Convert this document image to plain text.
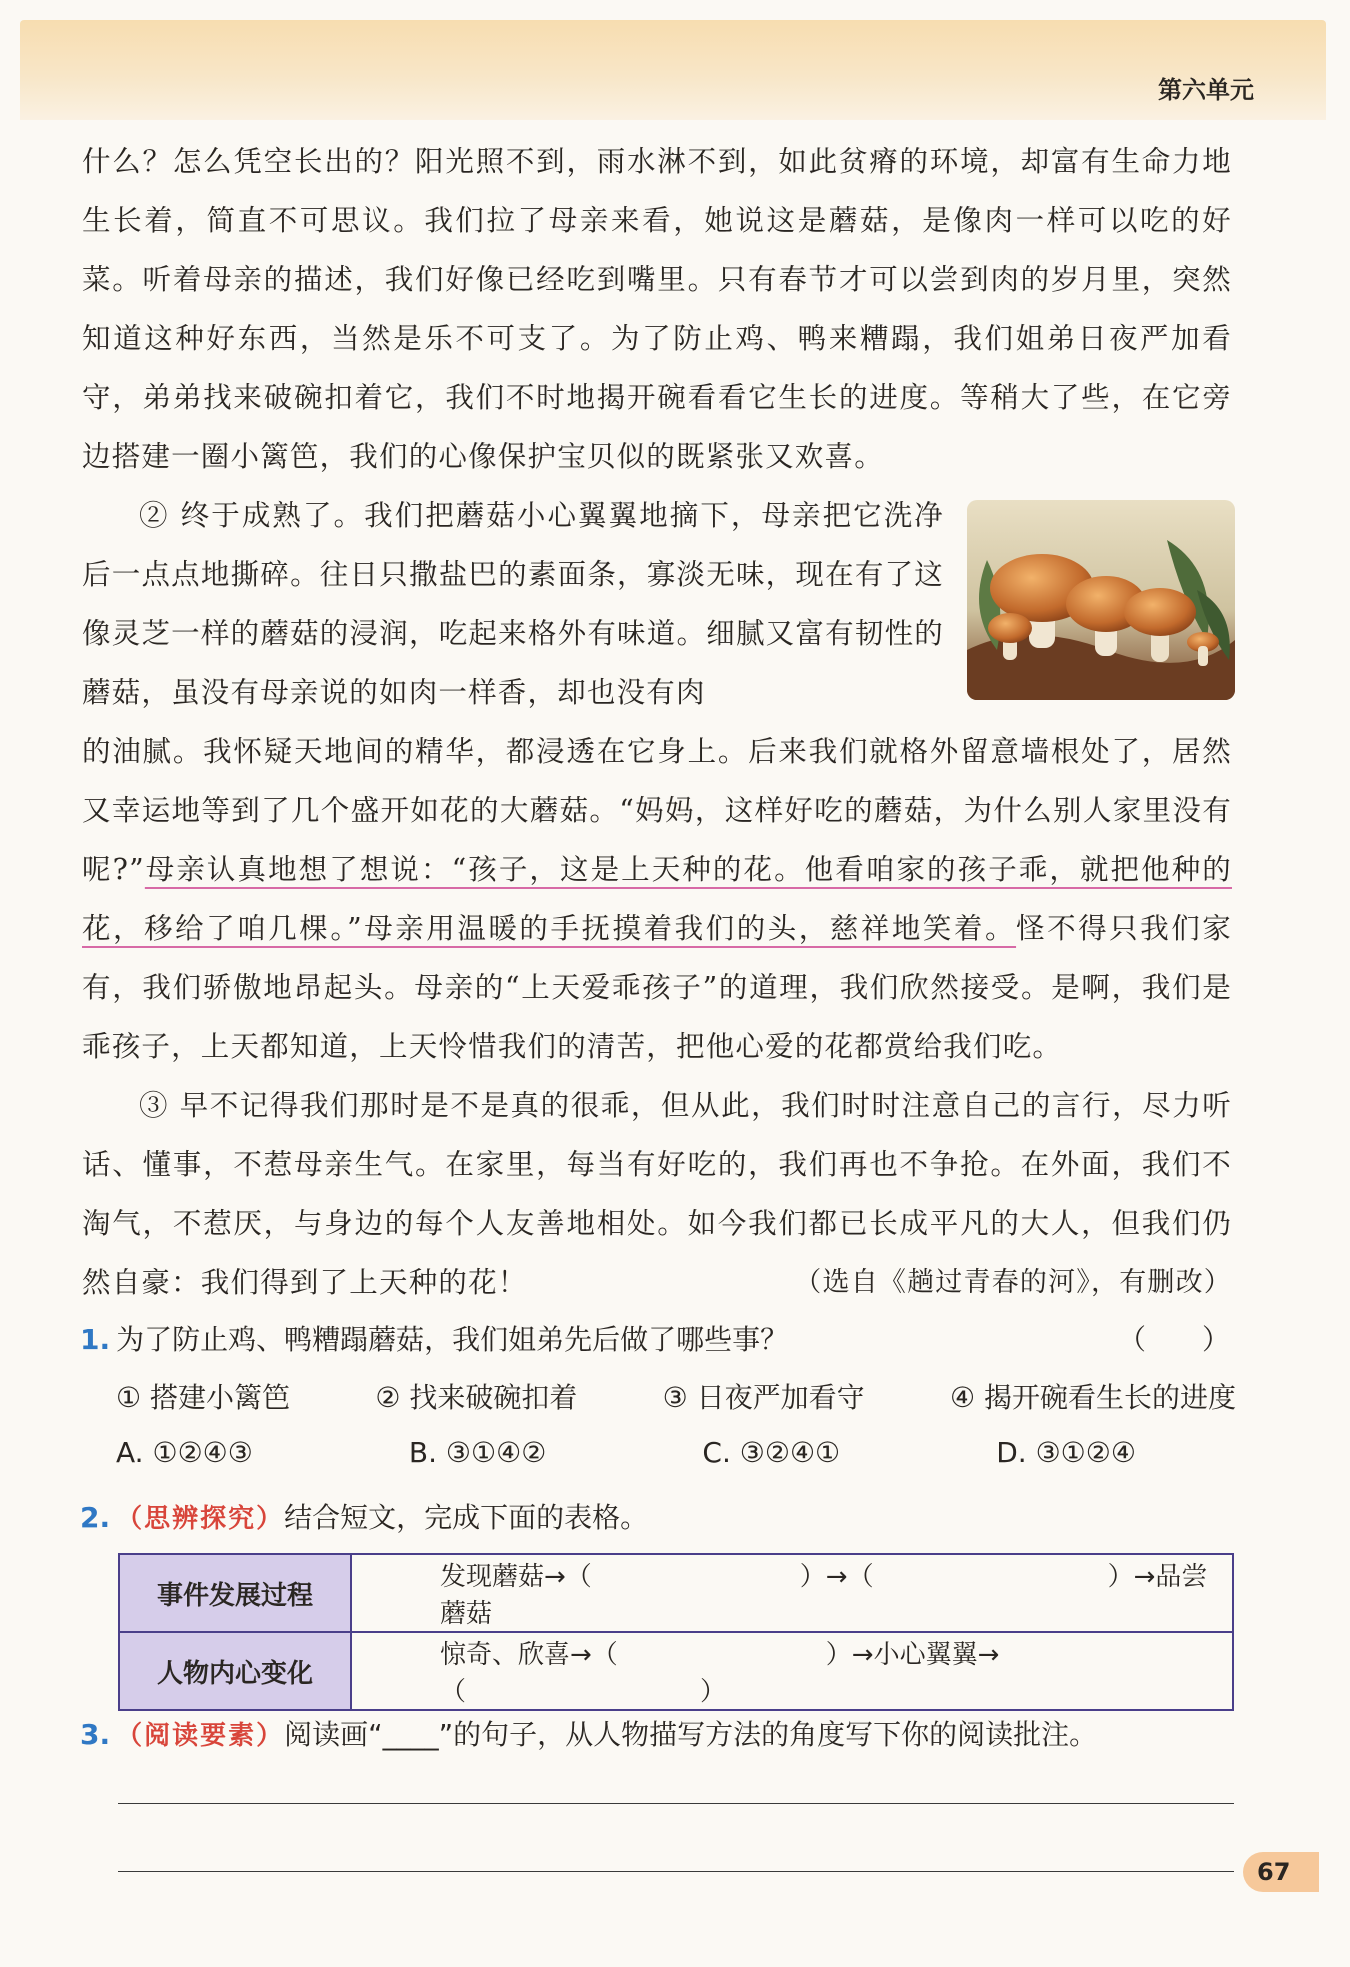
第六单元
什么？怎么凭空长出的？阳光照不到，雨水淋不到，如此贫瘠的环境，却富有生命力地生长着，简直不可思议。我们拉了母亲来看，她说这是蘑菇，是像肉一样可以吃的好菜。听着母亲的描述，我们好像已经吃到嘴里。只有春节才可以尝到肉的岁月里，突然知道这种好东西，当然是乐不可支了。为了防止鸡、鸭来糟蹋，我们姐弟日夜严加看守，弟弟找来破碗扣着它，我们不时地揭开碗看看它生长的进度。等稍大了些，在它旁边搭建一圈小篱笆，我们的心像保护宝贝似的既紧张又欢喜。
② 终于成熟了。我们把蘑菇小心翼翼地摘下，母亲把它洗净后一点点地撕碎。往日只撒盐巴的素面条，寡淡无味，现在有了这像灵芝一样的蘑菇的浸润，吃起来格外有味道。细腻又富有韧性的蘑菇，虽没有母亲说的如肉一样香，却也没有肉
的油腻。我怀疑天地间的精华，都浸透在它身上。后来我们就格外留意墙根处了，居然又幸运地等到了几个盛开如花的大蘑菇。“妈妈，这样好吃的蘑菇，为什么别人家里没有呢?”母亲认真地想了想说：“孩子，这是上天种的花。他看咱家的孩子乖，就把他种的花，移给了咱几棵。”母亲用温暖的手抚摸着我们的头，慈祥地笑着。怪不得只我们家有，我们骄傲地昂起头。母亲的“上天爱乖孩子”的道理，我们欣然接受。是啊，我们是乖孩子，上天都知道，上天怜惜我们的清苦，把他心爱的花都赏给我们吃。
③ 早不记得我们那时是不是真的很乖，但从此，我们时时注意自己的言行，尽力听话、懂事，不惹母亲生气。在家里，每当有好吃的，我们再也不争抢。在外面，我们不淘气，不惹厌，与身边的每个人友善地相处。如今我们都已长成平凡的大人，但我们仍然自豪：我们得到了上天种的花！	（选自《趟过青春的河》，有删改）
1. 为了防止鸡、鸭糟蹋蘑菇，我们姐弟先后做了哪些事？	（　　）
① 搭建小篱笆	② 找来破碗扣着	③ 日夜严加看守	④ 揭开碗看生长的进度
A. ①②④③	B. ③①④②	C. ③②④①	D. ③①②④
2. （思辨探究）结合短文，完成下面的表格。
事件发展过程	发现蘑菇→（　　　　　　　　）→（　　　　　　　　　）→品尝蘑菇
人物内心变化	惊奇、欣喜→（　　　　　　　　）→小心翼翼→（　　　　　　　　　）
3. （阅读要素）阅读画“____”的句子，从人物描写方法的角度写下你的阅读批注。
67
